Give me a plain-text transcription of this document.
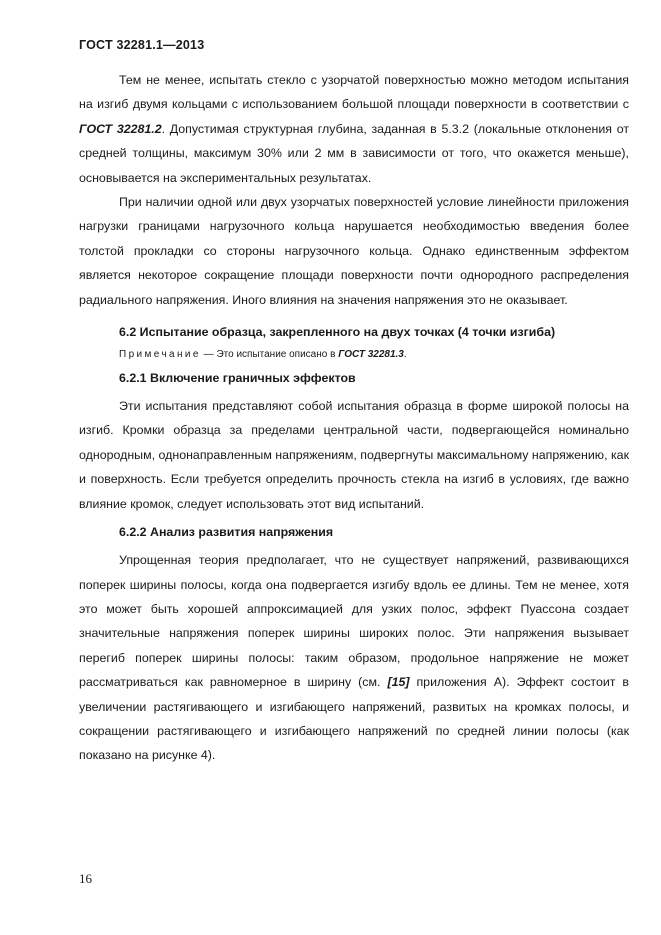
ГОСТ 32281.1—2013

Тем не менее, испытать стекло с узорчатой поверхностью можно методом испытания на изгиб двумя кольцами с использованием большой площади поверхности в соответствии с ГОСТ 32281.2. Допустимая структурная глубина, заданная в 5.3.2 (локальные отклонения от средней толщины, максимум 30% или 2 мм в зависимости от того, что окажется меньше), основывается на экспериментальных результатах.

При наличии одной или двух узорчатых поверхностей условие линейности приложения нагрузки границами нагрузочного кольца нарушается необходимостью введения более толстой прокладки со стороны нагрузочного кольца. Однако единственным эффектом является некоторое сокращение площади поверхности почти однородного распределения радиального напряжения. Иного влияния на значения напряжения это не оказывает.

6.2 Испытание образца, закрепленного на двух точках (4 точки изгиба)

Примечание — Это испытание описано в ГОСТ 32281.3.

6.2.1 Включение граничных эффектов

Эти испытания представляют собой испытания образца в форме широкой полосы на изгиб. Кромки образца за пределами центральной части, подвергающейся номинально однородным, однонаправленным напряжениям, подвергнуты максимальному напряжению, как и поверхность. Если требуется определить прочность стекла на изгиб в условиях, где важно влияние кромок, следует использовать этот вид испытаний.

6.2.2 Анализ развития напряжения

Упрощенная теория предполагает, что не существует напряжений, развивающихся поперек ширины полосы, когда она подвергается изгибу вдоль ее длины. Тем не менее, хотя это может быть хорошей аппроксимацией для узких полос, эффект Пуассона создает значительные напряжения поперек ширины широких полос. Эти напряжения вызывает перегиб поперек ширины полосы: таким образом, продольное напряжение не может рассматриваться как равномерное в ширину (см. [15] приложения А). Эффект состоит в увеличении растягивающего и изгибающего напряжений, развитых на кромках полосы, и сокращении растягивающего и изгибающего напряжений по средней линии полосы (как показано на рисунке 4).

16
